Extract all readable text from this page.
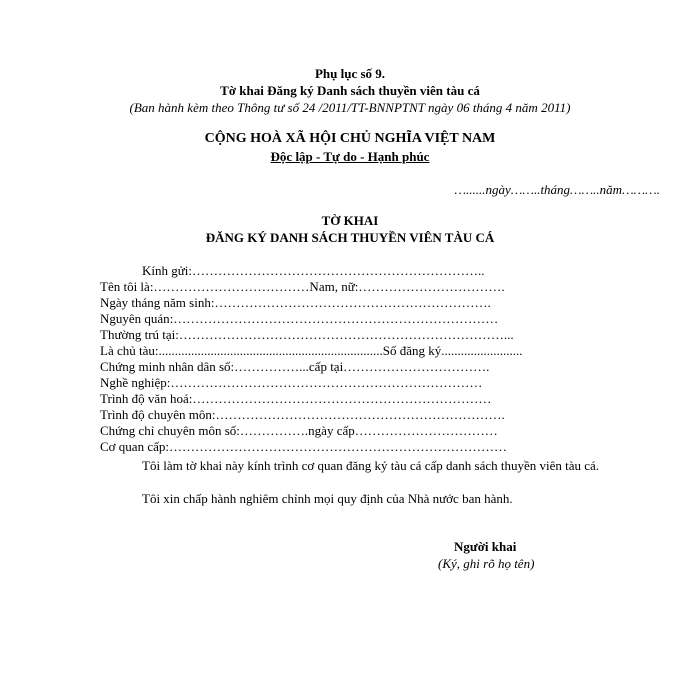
Phụ lục số 9.
Tờ khai Đăng ký Danh sách thuyền viên tàu cá
(Ban hành kèm theo Thông tư số 24 /2011/TT-BNNPTNT ngày 06 tháng 4 năm 2011)
CỘNG HOÀ XÃ HỘI CHỦ NGHĨA VIỆT NAM
Độc lập - Tự do - Hạnh phúc
…......ngày……..tháng……..năm……….
TỜ KHAI
ĐĂNG KÝ DANH SÁCH THUYỀN VIÊN TÀU CÁ
Kính gửi:…………………………………………………………..
Tên tôi là:………………………………Nam, nữ:…………………………….
Ngày tháng năm sinh:……………………………………………………….
Nguyên quán:…………………………………………………………………
Thường trú tại:…………………………………………………………………...
Là chủ tàu:.....................................................................Số đăng ký.........................
Chứng minh nhân dân số:……………...cấp tại…………………………….
Nghề nghiệp:………………………………………………………………
Trình độ văn hoá:……………………………………………………………
Trình độ chuyên môn:………………………………………………………….
Chứng chỉ chuyên môn số:…………….ngày cấp……………………………
Cơ quan cấp:……………………………………………………………………
Tôi làm tờ khai này kính trình cơ quan đăng ký tàu cá cấp danh sách thuyền viên tàu cá.
Tôi xin chấp hành nghiêm chỉnh mọi quy định của Nhà nước ban hành.
Người khai
(Ký, ghi rõ họ tên)
